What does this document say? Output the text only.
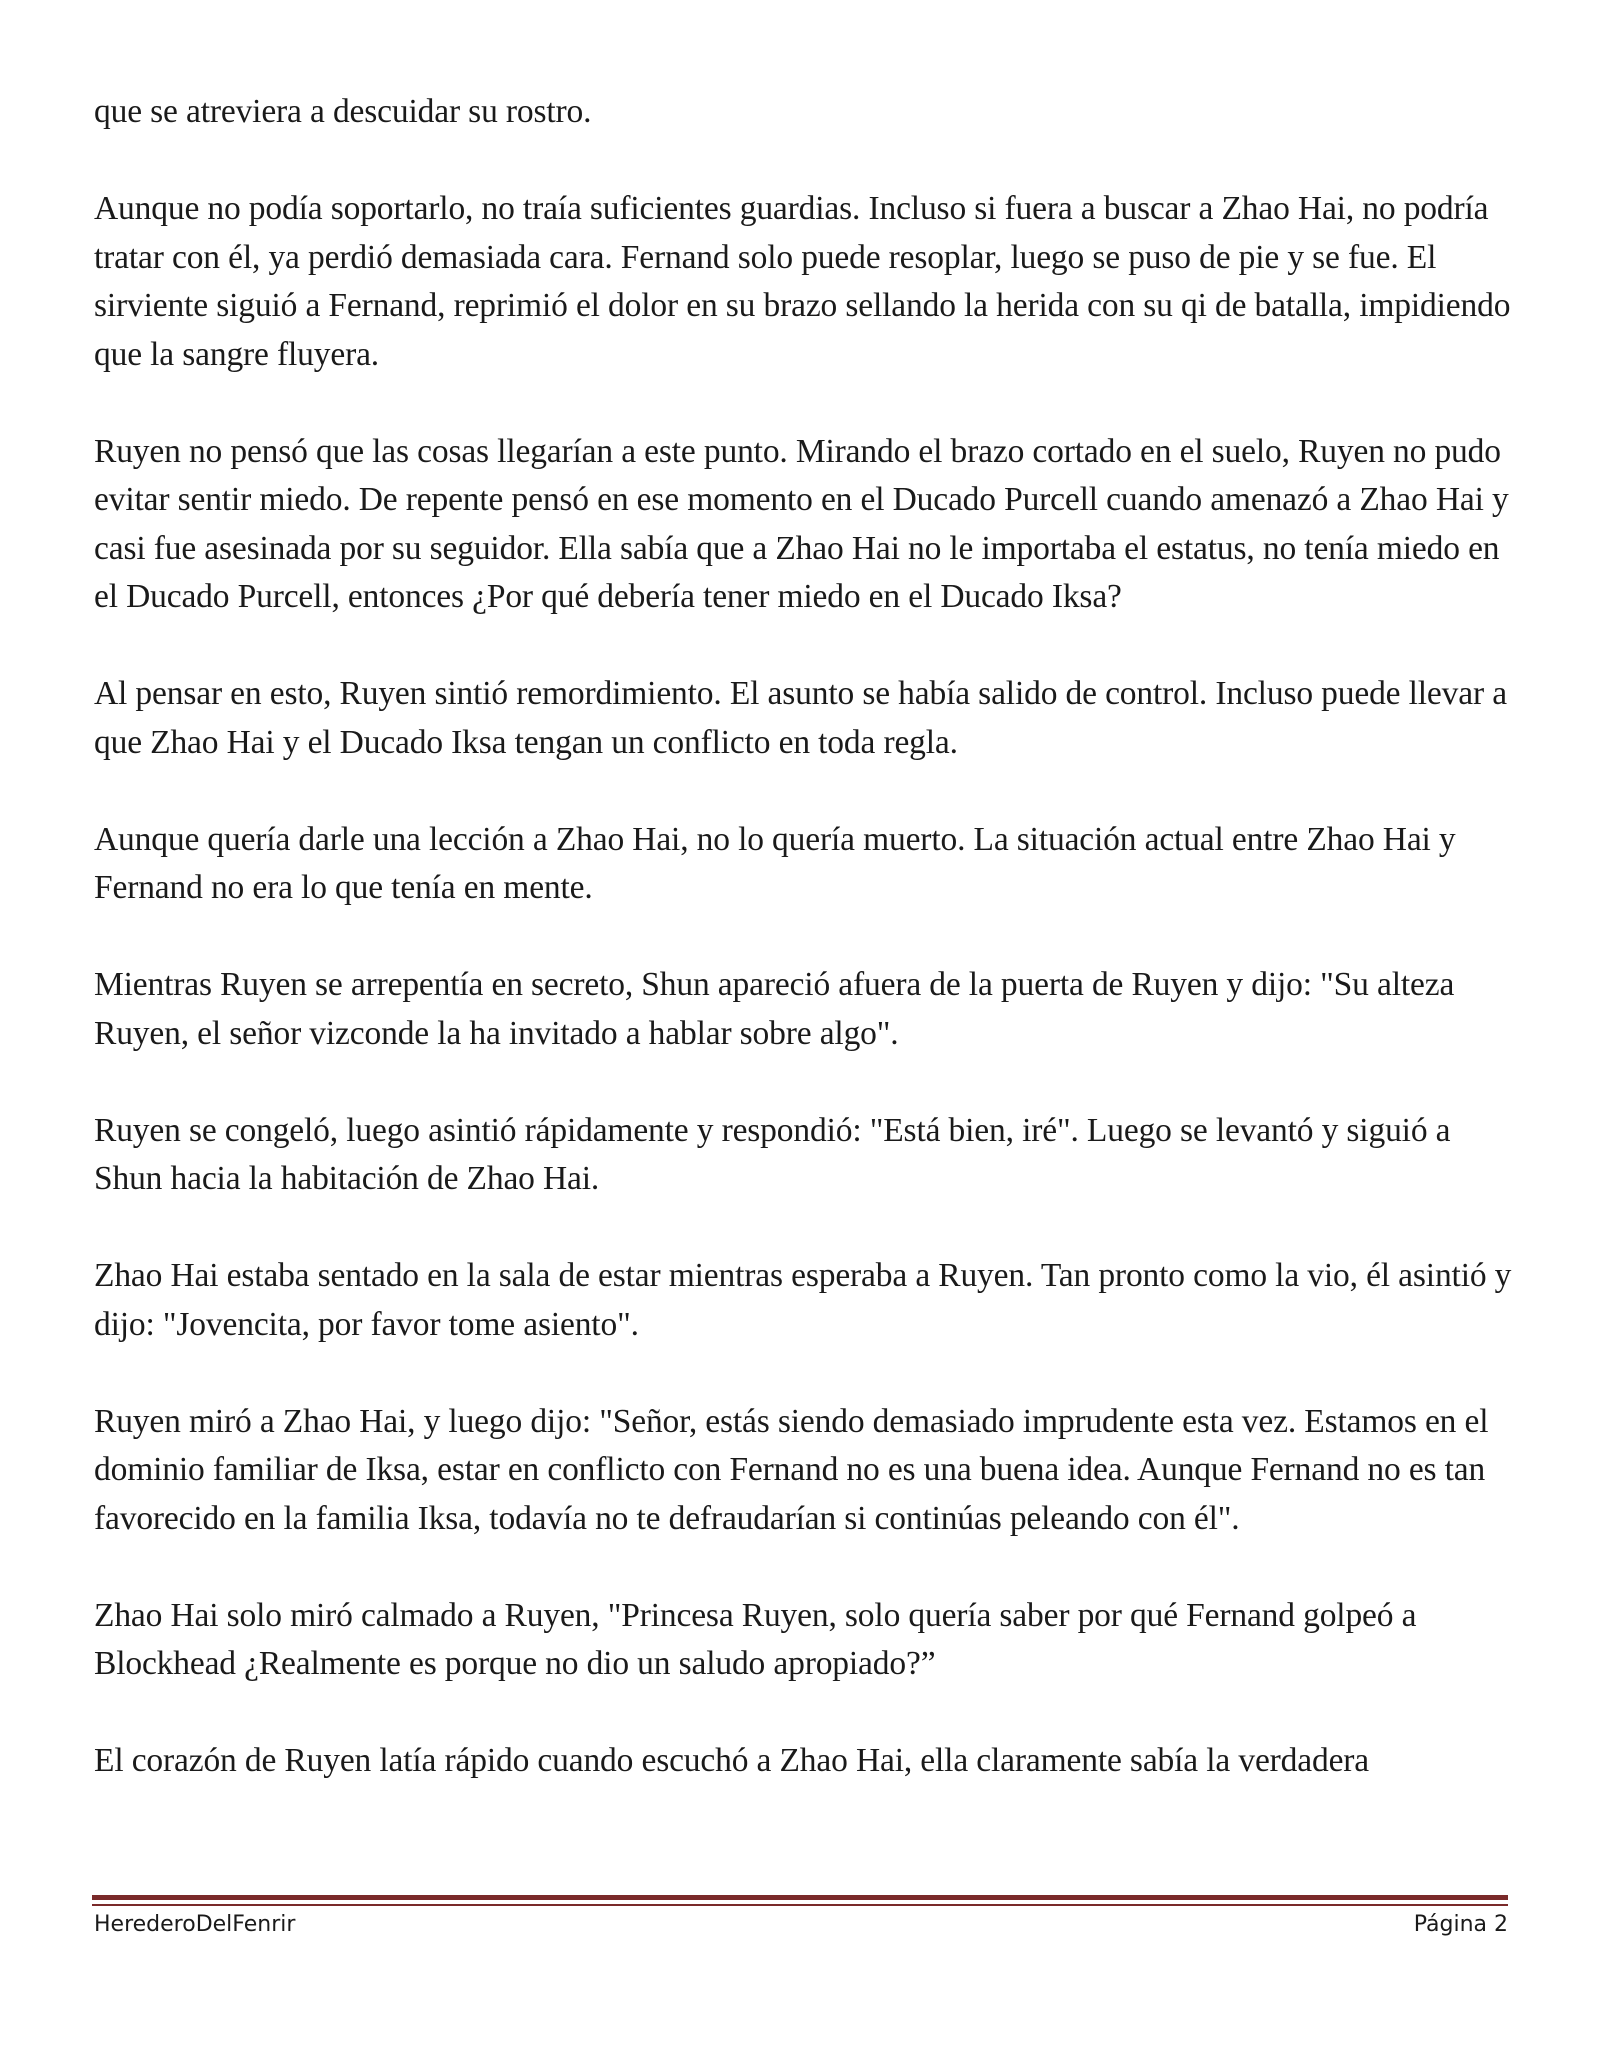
que se atreviera a descuidar su rostro.

Aunque no podía soportarlo, no traía suficientes guardias. Incluso si fuera a buscar a Zhao Hai, no podría tratar con él, ya perdió demasiada cara. Fernand solo puede resoplar, luego se puso de pie y se fue. El sirviente siguió a Fernand, reprimió el dolor en su brazo sellando la herida con su qi de batalla, impidiendo que la sangre fluyera.

Ruyen no pensó que las cosas llegarían a este punto. Mirando el brazo cortado en el suelo, Ruyen no pudo evitar sentir miedo. De repente pensó en ese momento en el Ducado Purcell cuando amenazó a Zhao Hai y casi fue asesinada por su seguidor. Ella sabía que a Zhao Hai no le importaba el estatus, no tenía miedo en el Ducado Purcell, entonces ¿Por qué debería tener miedo en el Ducado Iksa?

Al pensar en esto, Ruyen sintió remordimiento. El asunto se había salido de control. Incluso puede llevar a que Zhao Hai y el Ducado Iksa tengan un conflicto en toda regla.

Aunque quería darle una lección a Zhao Hai, no lo quería muerto. La situación actual entre Zhao Hai y Fernand no era lo que tenía en mente.

Mientras Ruyen se arrepentía en secreto, Shun apareció afuera de la puerta de Ruyen y dijo: "Su alteza Ruyen, el señor vizconde la ha invitado a hablar sobre algo".

Ruyen se congeló, luego asintió rápidamente y respondió: "Está bien, iré". Luego se levantó y siguió a Shun hacia la habitación de Zhao Hai.

Zhao Hai estaba sentado en la sala de estar mientras esperaba a Ruyen. Tan pronto como la vio, él asintió y dijo: "Jovencita, por favor tome asiento".

Ruyen miró a Zhao Hai, y luego dijo: "Señor, estás siendo demasiado imprudente esta vez. Estamos en el dominio familiar de Iksa, estar en conflicto con Fernand no es una buena idea. Aunque Fernand no es tan favorecido en la familia Iksa, todavía no te defraudarían si continúas peleando con él".

Zhao Hai solo miró calmado a Ruyen, "Princesa Ruyen, solo quería saber por qué Fernand golpeó a Blockhead ¿Realmente es porque no dio un saludo apropiado?”

El corazón de Ruyen latía rápido cuando escuchó a Zhao Hai, ella claramente sabía la verdadera

HerederoDelFenrir	Página 2
